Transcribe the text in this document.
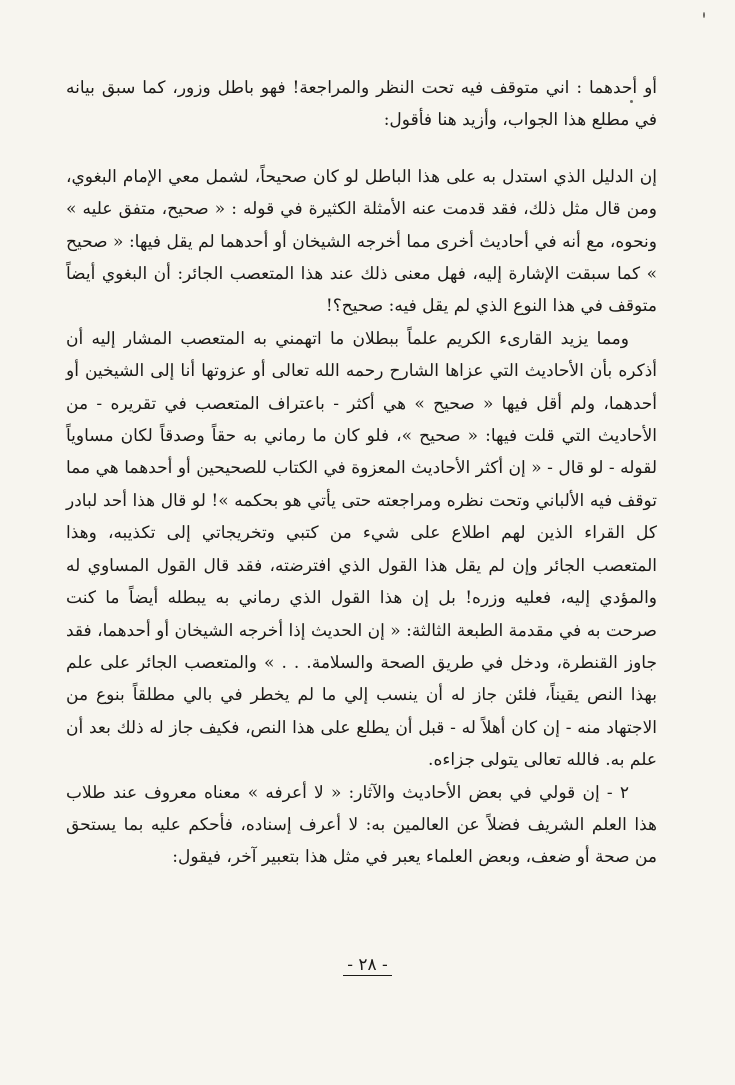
أو أحدهما : اني متوقف فيه تحت النظر والمراجعة! فهو باطل وزور، كما سبق بيانه في مطلع هذا الجواب، وأزيد هنا فأقول:

إن الدليل الذي استدل به على هذا الباطل لو كان صحيحاً، لشمل معي الإمام البغوي، ومن قال مثل ذلك، فقد قدمت عنه الأمثلة الكثيرة في قوله : « صحيح، متفق عليه » ونحوه، مع أنه في أحاديث أخرى مما أخرجه الشيخان أو أحدهما لم يقل فيها: « صحيح » كما سبقت الإشارة إليه، فهل معنى ذلك عند هذا المتعصب الجائر: أن البغوي أيضاً متوقف في هذا النوع الذي لم يقل فيه: صحيح؟!

ومما يزيد القارىء الكريم علماً ببطلان ما اتهمني به المتعصب المشار إليه أن أذكره بأن الأحاديث التي عزاها الشارح رحمه الله تعالى أو عزوتها أنا إلى الشيخين أو أحدهما، ولم أقل فيها « صحيح » هي أكثر - باعتراف المتعصب في تقريره - من الأحاديث التي قلت فيها: « صحيح »، فلو كان ما رماني به حقاً وصدقاً لكان مساوياً لقوله - لو قال - « إن أكثر الأحاديث المعزوة في الكتاب للصحيحين أو أحدهما هي مما توقف فيه الألباني وتحت نظره ومراجعته حتى يأتي هو بحكمه »! لو قال هذا أحد لبادر كل القراء الذين لهم اطلاع على شيء من كتبي وتخريجاتي إلى تكذيبه، وهذا المتعصب الجائر وإن لم يقل هذا القول الذي افترضته، فقد قال القول المساوي له والمؤدي إليه، فعليه وزره! بل إن هذا القول الذي رماني به يبطله أيضاً ما كنت صرحت به في مقدمة الطبعة الثالثة: « إن الحديث إذا أخرجه الشيخان أو أحدهما، فقد جاوز القنطرة، ودخل في طريق الصحة والسلامة. . . » والمتعصب الجائر على علم بهذا النص يقيناً، فلئن جاز له أن ينسب إلي ما لم يخطر في بالي مطلقاً بنوع من الاجتهاد منه - إن كان أهلاً له - قبل أن يطلع على هذا النص، فكيف جاز له ذلك بعد أن علم به. فالله تعالى يتولى جزاءه.

٢ - إن قولي في بعض الأحاديث والآثار: « لا أعرفه » معناه معروف عند طلاب هذا العلم الشريف فضلاً عن العالمين به: لا أعرف إسناده، فأحكم عليه بما يستحق من صحة أو ضعف، وبعض العلماء يعبر في مثل هذا بتعبير آخر، فيقول:

- ٢٨ -
